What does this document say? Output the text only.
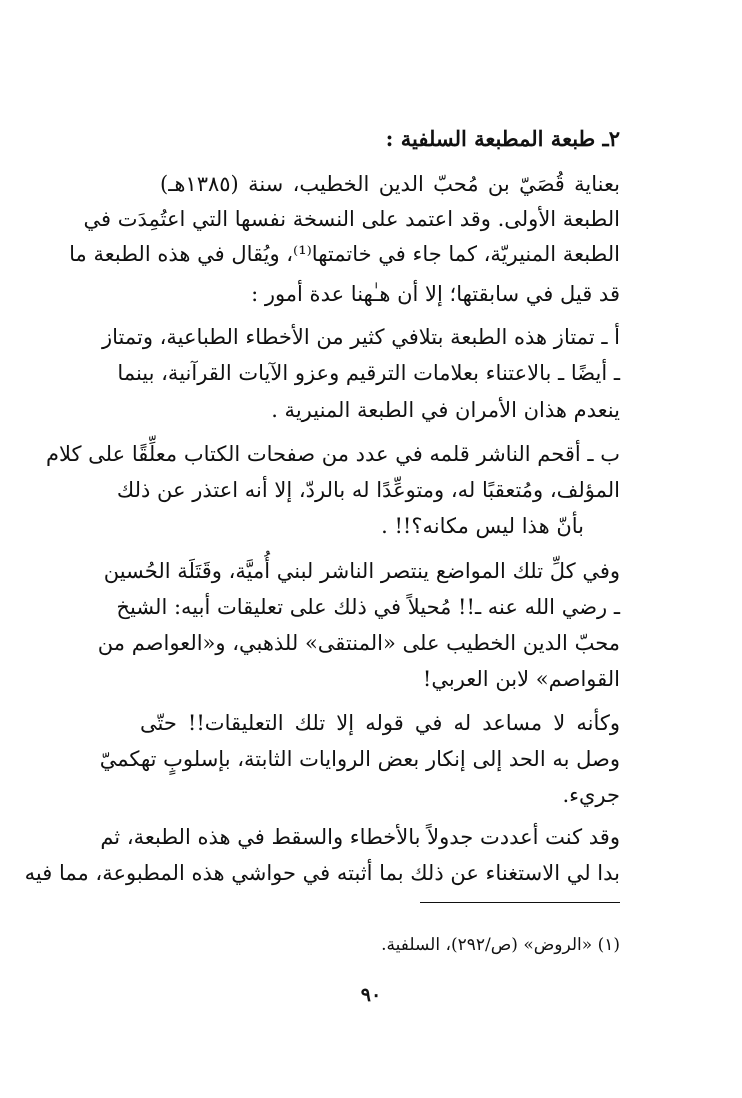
٢ـ طبعة المطبعة السلفية :

بعناية قُصَيّ بن مُحبّ الدين الخطيب، سنة (١٣٨٥هـ)

الطبعة الأولى. وقد اعتمد على النسخة نفسها التي اعتُمِدَت في

الطبعة المنيريّة، كما جاء في خاتمتها⁽¹⁾، ويُقال في هذه الطبعة ما

قد قيل في سابقتها؛ إلا أن هـٰهنا عدة أمور :

أ ـ تمتاز هذه الطبعة بتلافي كثير من الأخطاء الطباعية، وتمتاز

ـ أيضًا ـ بالاعتناء بعلامات الترقيم وعزو الآيات القرآنية، بينما

ينعدم هذان الأمران في الطبعة المنيرية .

ب ـ أقحم الناشر قلمه في عدد من صفحات الكتاب معلِّقًا على كلام

المؤلف، ومُتعقبًا له، ومتوعِّدًا له بالردّ، إلا أنه اعتذر عن ذلك

بأنّ هذا ليس مكانه؟!! .

وفي كلِّ تلك المواضع ينتصر الناشر لبني أُميَّة، وقَتَلَة الحُسين

ـ رضي الله عنه ـ!! مُحيلاً في ذلك على تعليقات أبيه: الشيخ

محبّ الدين الخطيب على «المنتقى» للذهبي، و«العواصم من

القواصم» لابن العربي!

وكأنه لا مساعد له في قوله إلا تلك التعليقات!! حتّى

وصل به الحد إلى إنكار بعض الروايات الثابتة، بإسلوبٍ تهكميّ

جريء.

وقد كنت أعددت جدولاً بالأخطاء والسقط في هذه الطبعة، ثم

بدا لي الاستغناء عن ذلك بما أثبته في حواشي هذه المطبوعة، مما فيه

(١) «الروض» (ص/٢٩٢)، السلفية.

٩٠
